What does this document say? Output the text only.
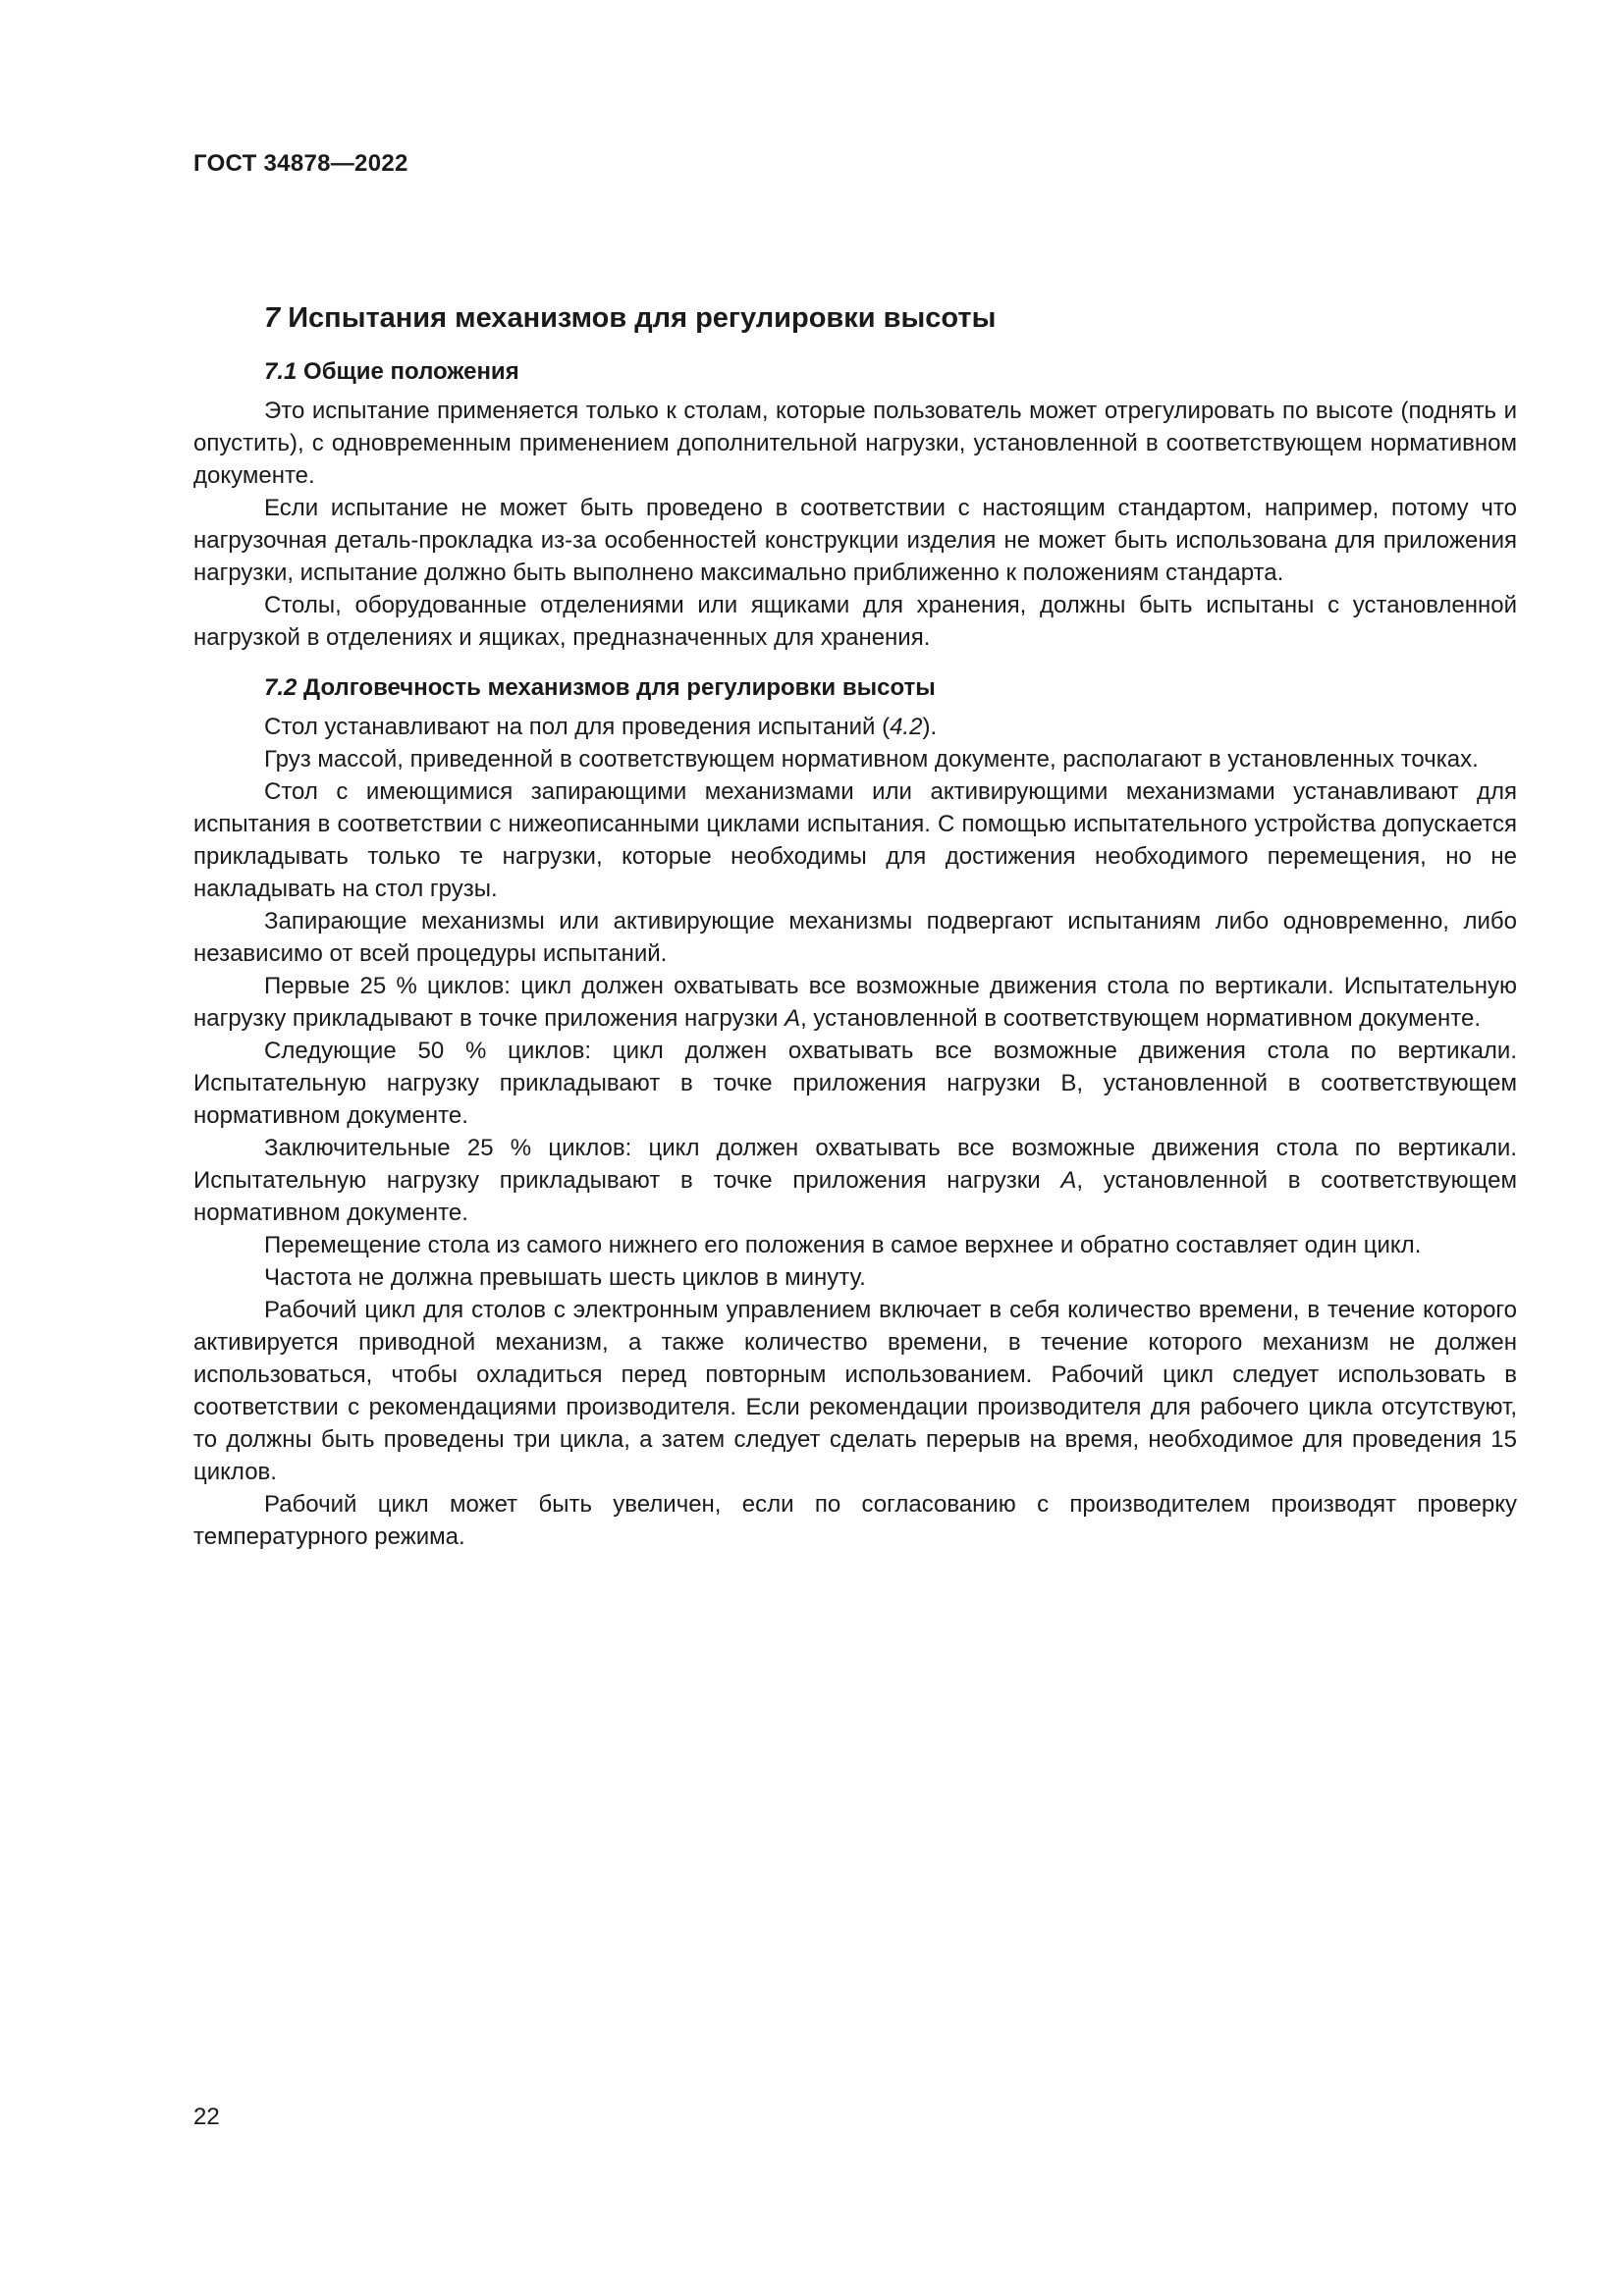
ГОСТ 34878—2022
7 Испытания механизмов для регулировки высоты
7.1 Общие положения

Это испытание применяется только к столам, которые пользователь может отрегулировать по высоте (поднять и опустить), с одновременным применением дополнительной нагрузки, установленной в соответствующем нормативном документе.

Если испытание не может быть проведено в соответствии с настоящим стандартом, например, потому что нагрузочная деталь-прокладка из-за особенностей конструкции изделия не может быть использована для приложения нагрузки, испытание должно быть выполнено максимально приближенно к положениям стандарта.

Столы, оборудованные отделениями или ящиками для хранения, должны быть испытаны с установленной нагрузкой в отделениях и ящиках, предназначенных для хранения.

7.2 Долговечность механизмов для регулировки высоты

Стол устанавливают на пол для проведения испытаний (4.2).

Груз массой, приведенной в соответствующем нормативном документе, располагают в установленных точках.

Стол с имеющимися запирающими механизмами или активирующими механизмами устанавливают для испытания в соответствии с нижеописанными циклами испытания. С помощью испытательного устройства допускается прикладывать только те нагрузки, которые необходимы для достижения необходимого перемещения, но не накладывать на стол грузы.

Запирающие механизмы или активирующие механизмы подвергают испытаниям либо одновременно, либо независимо от всей процедуры испытаний.

Первые 25 % циклов: цикл должен охватывать все возможные движения стола по вертикали. Испытательную нагрузку прикладывают в точке приложения нагрузки А, установленной в соответствующем нормативном документе.

Следующие 50 % циклов: цикл должен охватывать все возможные движения стола по вертикали. Испытательную нагрузку прикладывают в точке приложения нагрузки В, установленной в соответствующем нормативном документе.

Заключительные 25 % циклов: цикл должен охватывать все возможные движения стола по вертикали. Испытательную нагрузку прикладывают в точке приложения нагрузки А, установленной в соответствующем нормативном документе.

Перемещение стола из самого нижнего его положения в самое верхнее и обратно составляет один цикл.

Частота не должна превышать шесть циклов в минуту.

Рабочий цикл для столов с электронным управлением включает в себя количество времени, в течение которого активируется приводной механизм, а также количество времени, в течение которого механизм не должен использоваться, чтобы охладиться перед повторным использованием. Рабочий цикл следует использовать в соответствии с рекомендациями производителя. Если рекомендации производителя для рабочего цикла отсутствуют, то должны быть проведены три цикла, а затем следует сделать перерыв на время, необходимое для проведения 15 циклов.

Рабочий цикл может быть увеличен, если по согласованию с производителем производят проверку температурного режима.

22
